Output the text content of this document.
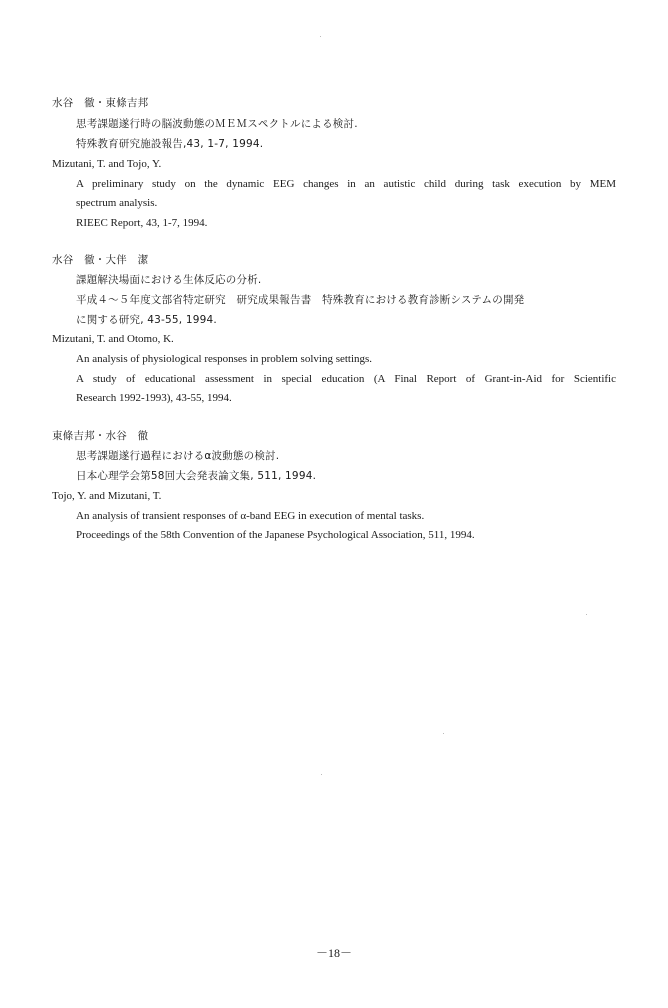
水谷　徹・東條吉邦
思考課題遂行時の脳波動態のＭＥＭスペクトルによる検討.
特殊教育研究施設報告,43, 1-7, 1994.
Mizutani, T. and Tojo, Y.
A preliminary study on the dynamic EEG changes in an autistic child during task execution by MEM
spectrum analysis.
RIEEC Report, 43, 1-7, 1994.
水谷　徹・大伴　潔
課題解決場面における生体反応の分析.
平成４～５年度文部省特定研究　研究成果報告書　特殊教育における教育診断システムの開発
に関する研究, 43-55, 1994.
Mizutani, T. and Otomo, K.
An analysis of physiological responses in problem solving settings.
A study of educational assessment in special education (A Final Report of Grant-in-Aid for Scientific
Research 1992-1993), 43-55, 1994.
東條吉邦・水谷　徹
思考課題遂行過程におけるα波動態の検討.
日本心理学会第58回大会発表論文集, 511, 1994.
Tojo, Y. and Mizutani, T.
An analysis of transient responses of α-band EEG in execution of mental tasks.
Proceedings of the 58th Convention of the Japanese Psychological Association, 511, 1994.
－18－
